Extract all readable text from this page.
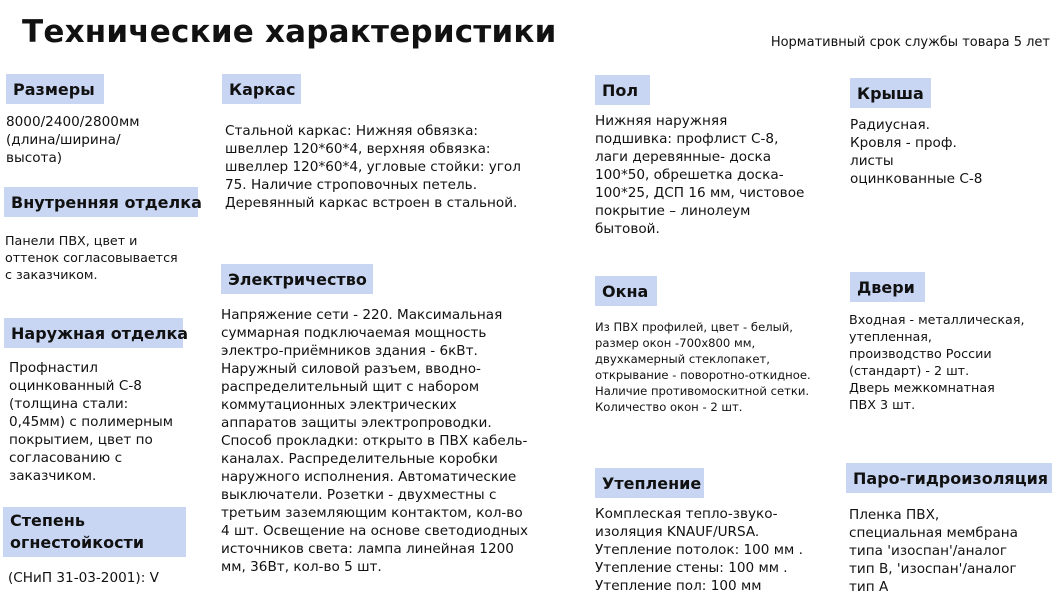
Технические характеристики	Нормативный срок службы товара 5 лет
Размеры

8000/2400/2800мм
(длина/ширина/
высота)

Внутренняя отделка

Панели ПВХ, цвет и
оттенок согласовывается
с заказчиком.

Наружная отделка

Профнастил
оцинкованный С-8
(толщина стали:
0,45мм) с полимерным
покрытием, цвет по
согласованию с
заказчиком.

Степень огнестойкости

(СНиП 31-03-2001): V

Каркас

Стальной каркас: Нижняя обвязка:
швеллер 120*60*4, верхняя обвязка:
швеллер 120*60*4, угловые стойки: угол
75. Наличие строповочных петель.
Деревянный каркас встроен в стальной.

Электричество

Напряжение сети - 220. Максимальная
суммарная подключаемая мощность
электро-приёмников здания - 6кВт.
Наружный силовой разъем, вводно-
распределительный щит с набором
коммутационных электрических
аппаратов защиты электропроводки.
Способ прокладки: открыто в ПВХ кабель-
каналах. Распределительные коробки
наружного исполнения. Автоматические
выключатели. Розетки - двухместны с
третьим заземляющим контактом, кол-во
4 шт. Освещение на основе светодиодных
источников света: лампа линейная 1200
мм, 36Вт, кол-во 5 шт.

Пол

Нижняя наружняя
подшивка: профлист С-8,
лаги деревянные- доска
100*50, обрешетка доска-
100*25, ДСП 16 мм, чистовое
покрытие – линолеум
бытовой.

Окна

Из ПВХ профилей, цвет - белый,
размер окон -700х800 мм,
двухкамерный стеклопакет,
открывание - поворотно-откидное.
Наличие противомоскитной сетки.
Количество окон - 2 шт.

Утепление

Комплеская тепло-звуко-
изоляция KNAUF/URSA.
Утепление потолок: 100 мм .
Утепление стены: 100 мм .
Утепление пол: 100 мм

Крыша

Радиусная.
Кровля - проф.
листы
оцинкованные С-8

Двери

Входная - металлическая,
утепленная,
производство России
(стандарт) - 2 шт.
Дверь межкомнатная
ПВХ 3 шт.

Паро-гидроизоляция

Пленка ПВХ,
специальная мембрана
типа 'изоспан'/аналог
тип В, 'изоспан'/аналог
тип А
